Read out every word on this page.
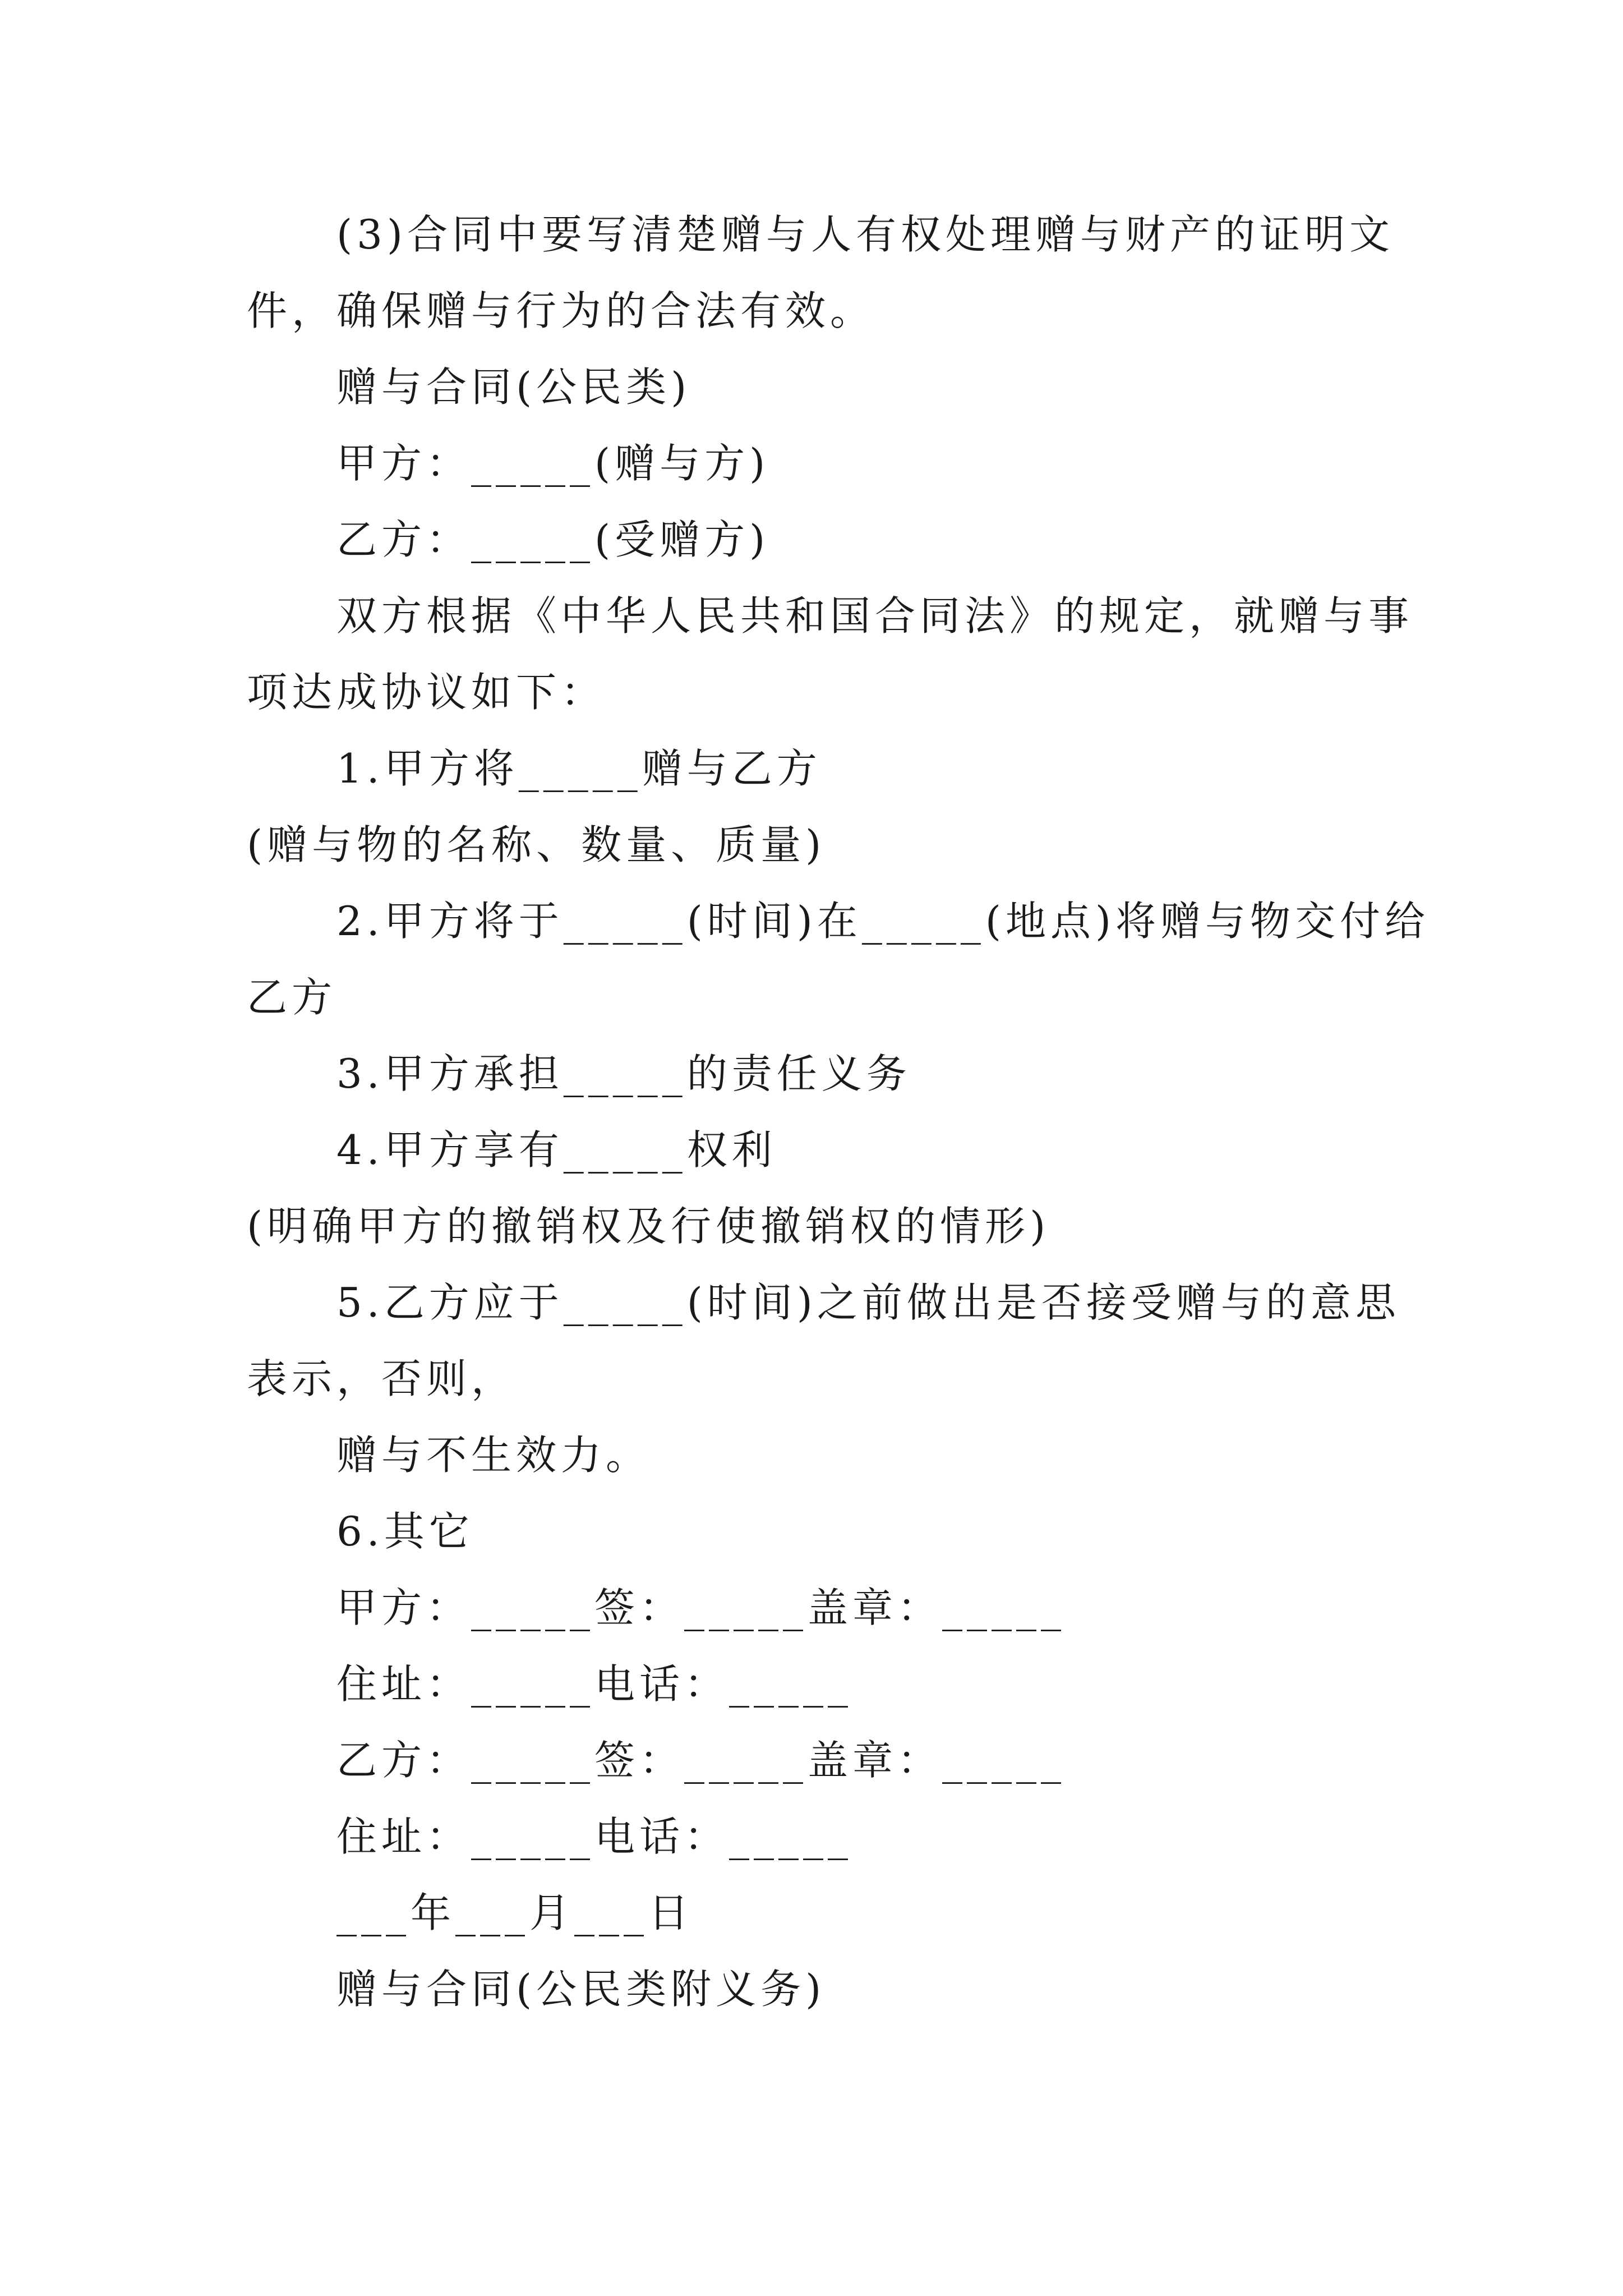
(3)合同中要写清楚赠与人有权处理赠与财产的证明文
件，确保赠与行为的合法有效。
赠与合同(公民类)
甲方：_____(赠与方)
乙方：_____(受赠方)
双方根据《中华人民共和国合同法》的规定，就赠与事
项达成协议如下：
1.甲方将_____赠与乙方
(赠与物的名称、数量、质量)
2.甲方将于_____(时间)在_____(地点)将赠与物交付给
乙方
3.甲方承担_____的责任义务
4.甲方享有_____权利
(明确甲方的撤销权及行使撤销权的情形)
5.乙方应于_____(时间)之前做出是否接受赠与的意思
表示，否则，
赠与不生效力。
6.其它
甲方：_____签：_____盖章：_____
住址：_____电话：_____
乙方：_____签：_____盖章：_____
住址：_____电话：_____
___年___月___日
赠与合同(公民类附义务)
